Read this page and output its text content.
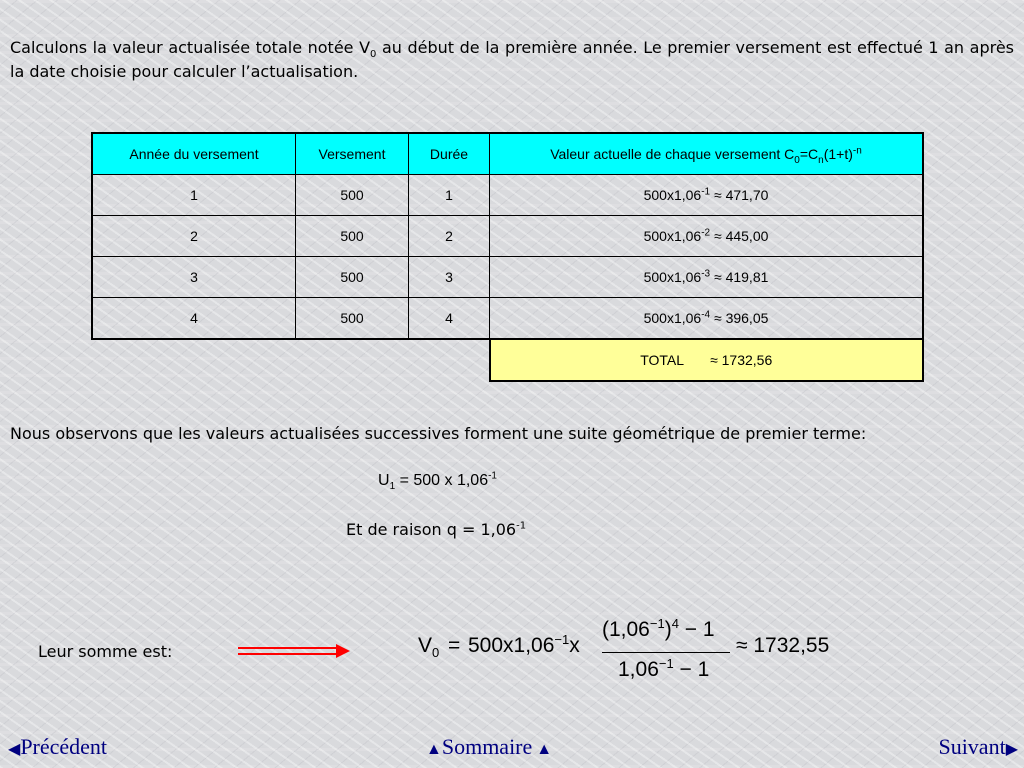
Calculons la valeur actualisée totale notée $V_0$ au début de la première année. Le premier versement est effectué 1 an après la date choisie pour calculer l’actualisation.
Année du versement	Versement	Durée	Valeur actuelle de chaque versement $C_0=C_n(1+t)^{-n}$
1	500	1	$500x1,06^{-1} \approx 471,70$
2	500	2	$500x1,06^{-2} \approx 445,00$
3	500	3	$500x1,06^{-3} \approx 419,81$
4	500	4	$500x1,06^{-4} \approx 396,05$
			TOTAL ≈ 1732,56
Nous observons que les valeurs actualisées successives forment une suite géométrique de premier terme:
$U_1 = 500$ x $1,06^{-1}$
Et de raison $q = 1,06^{-1}$
Leur somme est:	$V_0 = 500x1,06^{-1}x$
$(1,06^{-1})^4 - 1$
$1,06^{-1} - 1$
≈ 1732,55
◀Précédent	▲Sommaire ▲	Suivant▶
